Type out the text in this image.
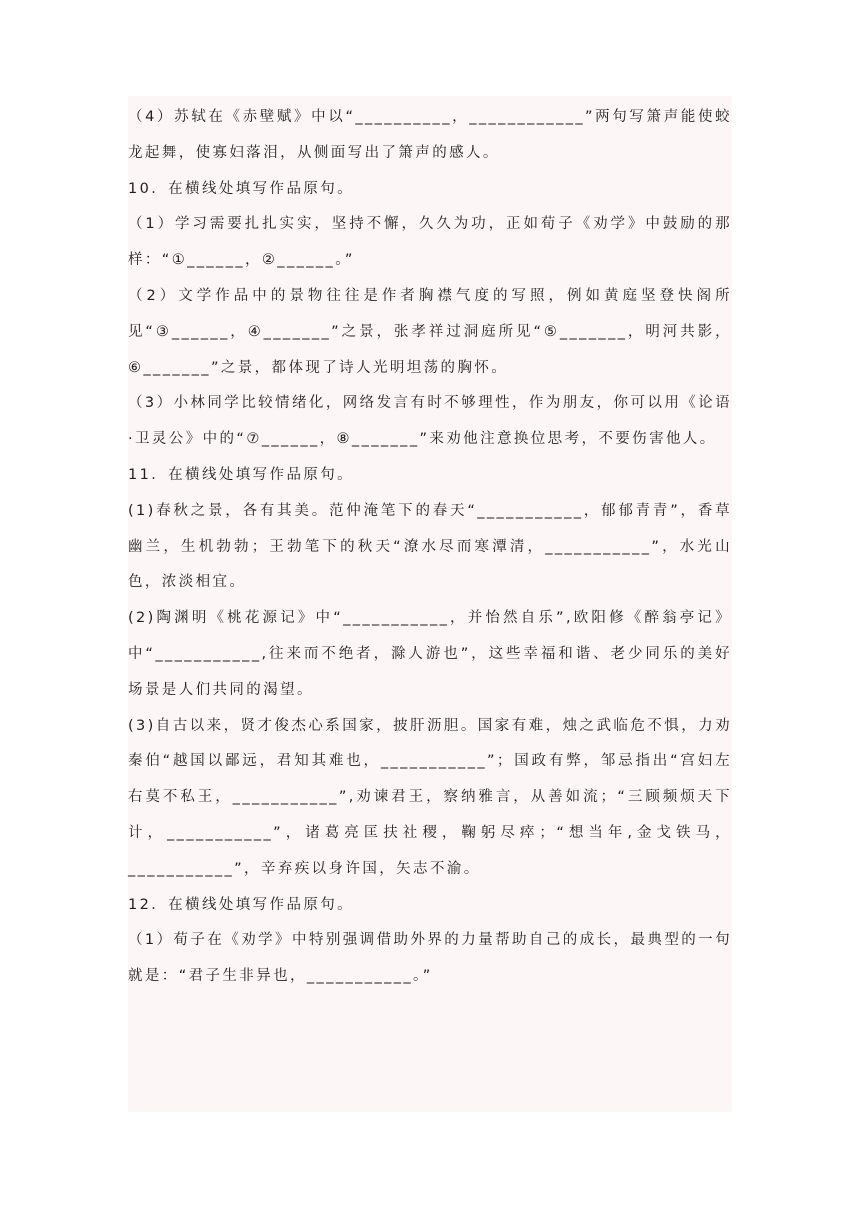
（4）苏轼在《赤壁赋》中以“__________，____________”两句写箫声能使蛟龙起舞，使寡妇落泪，从侧面写出了箫声的感人。

10．在横线处填写作品原句。

（1）学习需要扎扎实实，坚持不懈，久久为功，正如荀子《劝学》中鼓励的那样：“①______，②______。”

（2）文学作品中的景物往往是作者胸襟气度的写照，例如黄庭坚登快阁所见“③______，④_______”之景，张孝祥过洞庭所见“⑤_______，明河共影，⑥_______”之景，都体现了诗人光明坦荡的胸怀。

（3）小林同学比较情绪化，网络发言有时不够理性，作为朋友，你可以用《论语·卫灵公》中的“⑦______，⑧_______”来劝他注意换位思考，不要伤害他人。

11．在横线处填写作品原句。

(1)春秋之景，各有其美。范仲淹笔下的春天“___________，郁郁青青”，香草幽兰，生机勃勃；王勃笔下的秋天“潦水尽而寒潭清，___________”，水光山色，浓淡相宜。

(2)陶渊明《桃花源记》中“___________，并怡然自乐”,欧阳修《醉翁亭记》中“___________,往来而不绝者，滁人游也”，这些幸福和谐、老少同乐的美好场景是人们共同的渴望。

(3)自古以来，贤才俊杰心系国家，披肝沥胆。国家有难，烛之武临危不惧，力劝秦伯“越国以鄙远，君知其难也，___________”；国政有弊，邹忌指出“宫妇左右莫不私王，___________”,劝谏君王，察纳雅言，从善如流；“三顾频烦天下计，___________”，诸葛亮匡扶社稷，鞠躬尽瘁；“想当年,金戈铁马，___________”，辛弃疾以身许国，矢志不渝。

12．在横线处填写作品原句。

（1）荀子在《劝学》中特别强调借助外界的力量帮助自己的成长，最典型的一句就是：“君子生非异也，___________。”
